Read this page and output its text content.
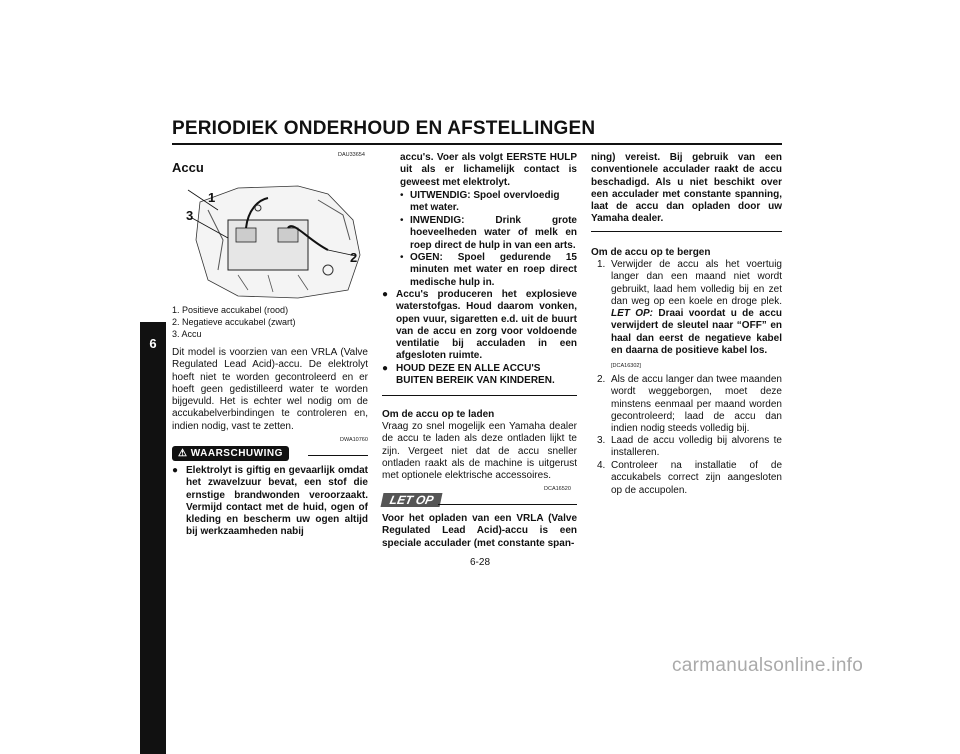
PERIODIEK ONDERHOUD EN AFSTELLINGEN
6
DAU33654
Accu
1
3
2
1. Positieve accukabel (rood)
2. Negatieve accukabel (zwart)
3. Accu

Dit model is voorzien van een VRLA (Valve Regulated Lead Acid)-accu. De elektrolyt hoeft niet te worden gecontroleerd en er hoeft geen gedistilleerd water te worden bijgevuld. Het is echter wel nodig om de accukabelverbindingen te controleren en, indien nodig, vast te zetten.

⚠ WAARSCHUWING
DWA10760
● Elektrolyt is giftig en gevaarlijk omdat het zwavelzuur bevat, een stof die ernstige brandwonden veroorzaakt. Vermijd contact met de huid, ogen of kleding en bescherm uw ogen altijd bij werkzaamheden nabij

accu's. Voer als volgt EERSTE HULP uit als er lichamelijk contact is geweest met elektrolyt.

• UITWENDIG: Spoel overvloedig met water.

• INWENDIG: Drink grote hoeveelheden water of melk en roep direct de hulp in van een arts.

• OGEN: Spoel gedurende 15 minuten met water en roep direct medische hulp in.

● Accu's produceren het explosieve waterstofgas. Houd daarom vonken, open vuur, sigaretten e.d. uit de buurt van de accu en zorg voor voldoende ventilatie bij acculaden in een afgesloten ruimte.

● HOUD DEZE EN ALLE ACCU'S BUITEN BEREIK VAN KINDEREN.

Om de accu op te laden

Vraag zo snel mogelijk een Yamaha dealer de accu te laden als deze ontladen lijkt te zijn. Vergeet niet dat de accu sneller ontladen raakt als de machine is uitgerust met optionele elektrische accessoires.

LET OP
DCA16520

Voor het opladen van een VRLA (Valve Regulated Lead Acid)-accu is een speciale acculader (met constante span-

ning) vereist. Bij gebruik van een conventionele acculader raakt de accu beschadigd. Als u niet beschikt over een acculader met constante spanning, laat de accu dan opladen door uw Yamaha dealer.

Om de accu op te bergen
1. Verwijder de accu als het voertuig langer dan een maand niet wordt gebruikt, laad hem volledig bij en zet dan weg op een koele en droge plek. LET OP: Draai voordat u de accu verwijdert de sleutel naar “OFF” en haal dan eerst de negatieve kabel en daarna de positieve kabel los.
[DCA16302]
2. Als de accu langer dan twee maanden wordt weggeborgen, moet deze minstens eenmaal per maand worden gecontroleerd; laad de accu dan indien nodig steeds volledig bij.

3. Laad de accu volledig bij alvorens te installeren.

4. Controleer na installatie of de accukabels correct zijn aangesloten op de accupolen.

6-28
carmanualsonline.info
